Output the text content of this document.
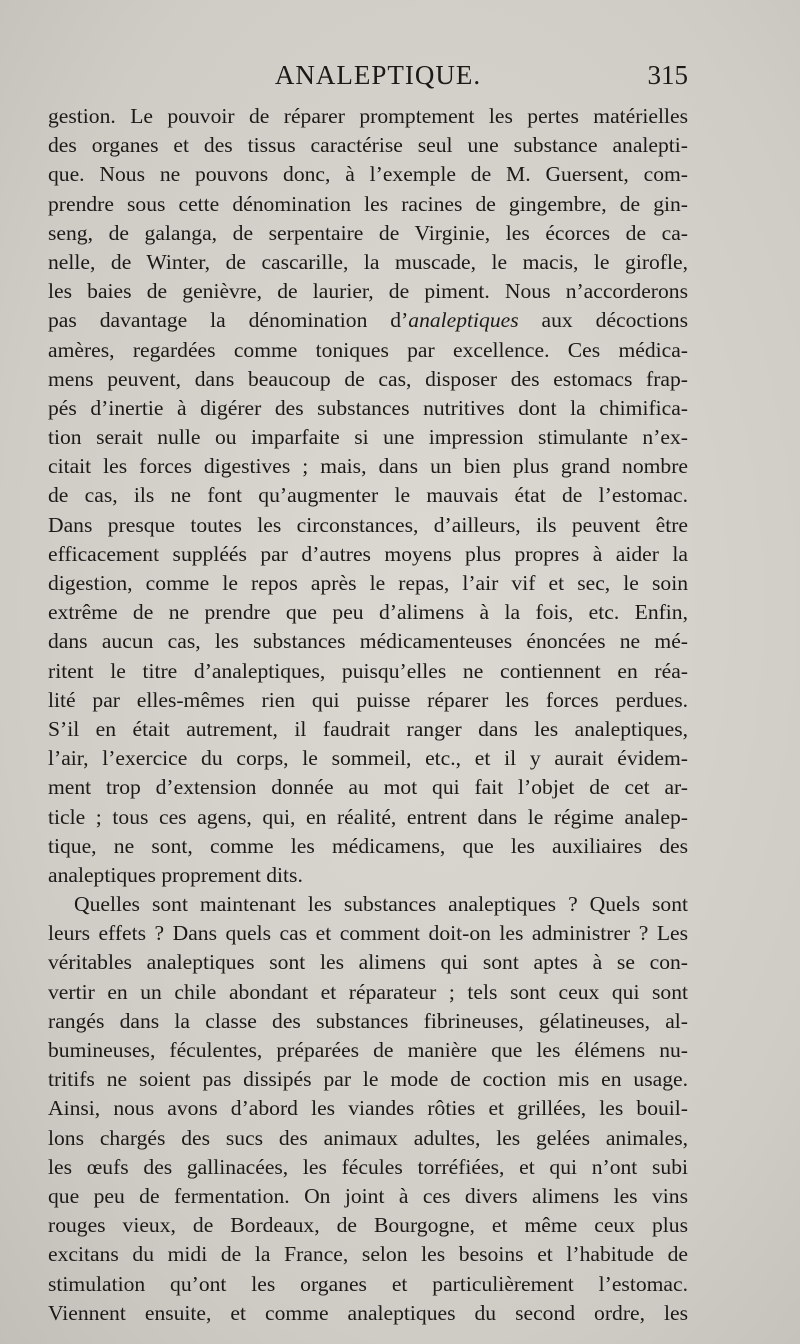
ANALEPTIQUE.	315
gestion. Le pouvoir de réparer promptement les pertes matérielles
des organes et des tissus caractérise seul une substance analepti-
que. Nous ne pouvons donc, à l’exemple de M. Guersent, com-
prendre sous cette dénomination les racines de gingembre, de gin-
seng, de galanga, de serpentaire de Virginie, les écorces de ca-
nelle, de Winter, de cascarille, la muscade, le macis, le girofle,
les baies de genièvre, de laurier, de piment. Nous n’accorderons
pas davantage la dénomination d’analeptiques aux décoctions
amères, regardées comme toniques par excellence. Ces médica-
mens peuvent, dans beaucoup de cas, disposer des estomacs frap-
pés d’inertie à digérer des substances nutritives dont la chimifica-
tion serait nulle ou imparfaite si une impression stimulante n’ex-
citait les forces digestives ; mais, dans un bien plus grand nombre
de cas, ils ne font qu’augmenter le mauvais état de l’estomac.
Dans presque toutes les circonstances, d’ailleurs, ils peuvent être
efficacement suppléés par d’autres moyens plus propres à aider la
digestion, comme le repos après le repas, l’air vif et sec, le soin
extrême de ne prendre que peu d’alimens à la fois, etc. Enfin,
dans aucun cas, les substances médicamenteuses énoncées ne mé-
ritent le titre d’analeptiques, puisqu’elles ne contiennent en réa-
lité par elles-mêmes rien qui puisse réparer les forces perdues.
S’il en était autrement, il faudrait ranger dans les analeptiques,
l’air, l’exercice du corps, le sommeil, etc., et il y aurait évidem-
ment trop d’extension donnée au mot qui fait l’objet de cet ar-
ticle ; tous ces agens, qui, en réalité, entrent dans le régime analep-
tique, ne sont, comme les médicamens, que les auxiliaires des
analeptiques proprement dits.
Quelles sont maintenant les substances analeptiques ? Quels sont
leurs effets ? Dans quels cas et comment doit-on les administrer ? Les
véritables analeptiques sont les alimens qui sont aptes à se con-
vertir en un chile abondant et réparateur ; tels sont ceux qui sont
rangés dans la classe des substances fibrineuses, gélatineuses, al-
bumineuses, féculentes, préparées de manière que les élémens nu-
tritifs ne soient pas dissipés par le mode de coction mis en usage.
Ainsi, nous avons d’abord les viandes rôties et grillées, les bouil-
lons chargés des sucs des animaux adultes, les gelées animales,
les œufs des gallinacées, les fécules torréfiées, et qui n’ont subi
que peu de fermentation. On joint à ces divers alimens les vins
rouges vieux, de Bordeaux, de Bourgogne, et même ceux plus
excitans du midi de la France, selon les besoins et l’habitude de
stimulation qu’ont les organes et particulièrement l’estomac.
Viennent ensuite, et comme analeptiques du second ordre, les
